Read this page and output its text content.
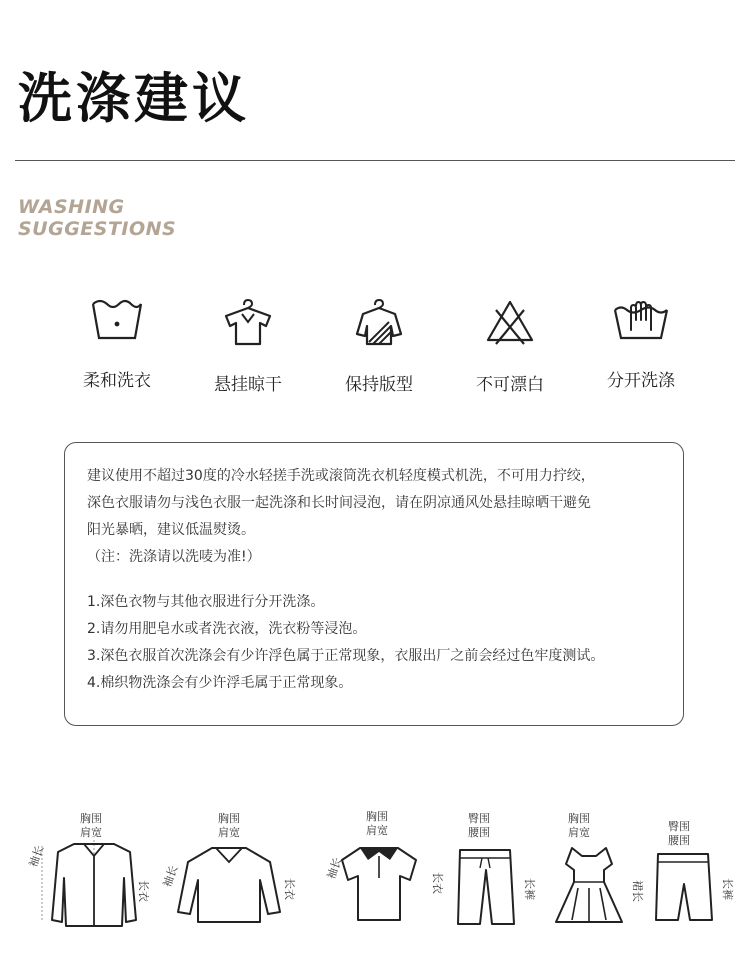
洗涤建议
WASHING
SUGGESTIONS
柔和洗衣	悬挂晾干	保持版型	不可漂白	分开洗涤

建议使用不超过30度的冷水轻搓手洗或滚筒洗衣机轻度模式机洗，不可用力拧绞，

深色衣服请勿与浅色衣服一起洗涤和长时间浸泡，请在阴凉通风处悬挂晾晒干避免

阳光暴晒，建议低温熨烫。

（注：洗涤请以洗唛为准!）

1.深色衣物与其他衣服进行分开洗涤。

2.请勿用肥皂水或者洗衣液，洗衣粉等浸泡。

3.深色衣服首次洗涤会有少许浮色属于正常现象，衣服出厂之前会经过色牢度测试。

4.棉织物洗涤会有少许浮毛属于正常现象。

胸围
肩宽
袖长
长衣
胸围
肩宽
袖长	长衣
胸围
肩宽
袖长
长衣
臀围
腰围
长裤
胸围
肩宽
裙长
臀围
腰围
长裤
